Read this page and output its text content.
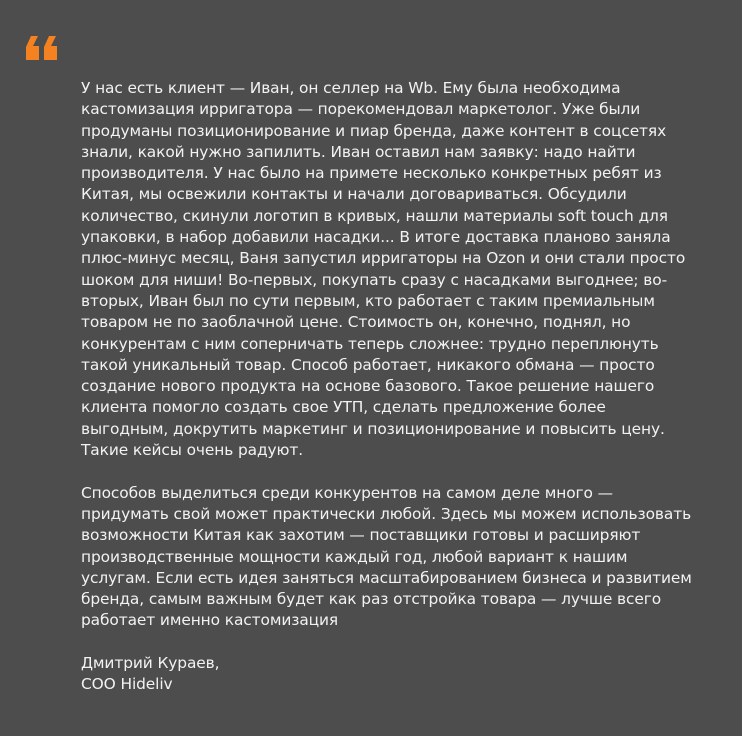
У нас есть клиент — Иван, он селлер на Wb. Ему была необходима
кастомизация ирригатора — порекомендовал маркетолог. Уже были
продуманы позиционирование и пиар бренда, даже контент в соцсетях
знали, какой нужно запилить. Иван оставил нам заявку: надо найти
производителя. У нас было на примете несколько конкретных ребят из
Китая, мы освежили контакты и начали договариваться. Обсудили
количество, скинули логотип в кривых, нашли материалы soft touch для
упаковки, в набор добавили насадки... В итоге доставка планово заняла
плюс-минус месяц, Ваня запустил ирригаторы на Ozon и они стали просто
шоком для ниши! Во-первых, покупать сразу с насадками выгоднее; во-
вторых, Иван был по сути первым, кто работает с таким премиальным
товаром не по заоблачной цене. Стоимость он, конечно, поднял, но
конкурентам с ним соперничать теперь сложнее: трудно переплюнуть
такой уникальный товар. Способ работает, никакого обмана — просто
создание нового продукта на основе базового. Такое решение нашего
клиента помогло создать свое УТП, сделать предложение более
выгодным, докрутить маркетинг и позиционирование и повысить цену.
Такие кейсы очень радуют.
Способов выделиться среди конкурентов на самом деле много —
придумать свой может практически любой. Здесь мы можем использовать
возможности Китая как захотим — поставщики готовы и расширяют
производственные мощности каждый год, любой вариант к нашим
услугам. Если есть идея заняться масштабированием бизнеса и развитием
бренда, самым важным будет как раз отстройка товара — лучше всего
работает именно кастомизация
Дмитрий Кураев,
COO Hideliv
